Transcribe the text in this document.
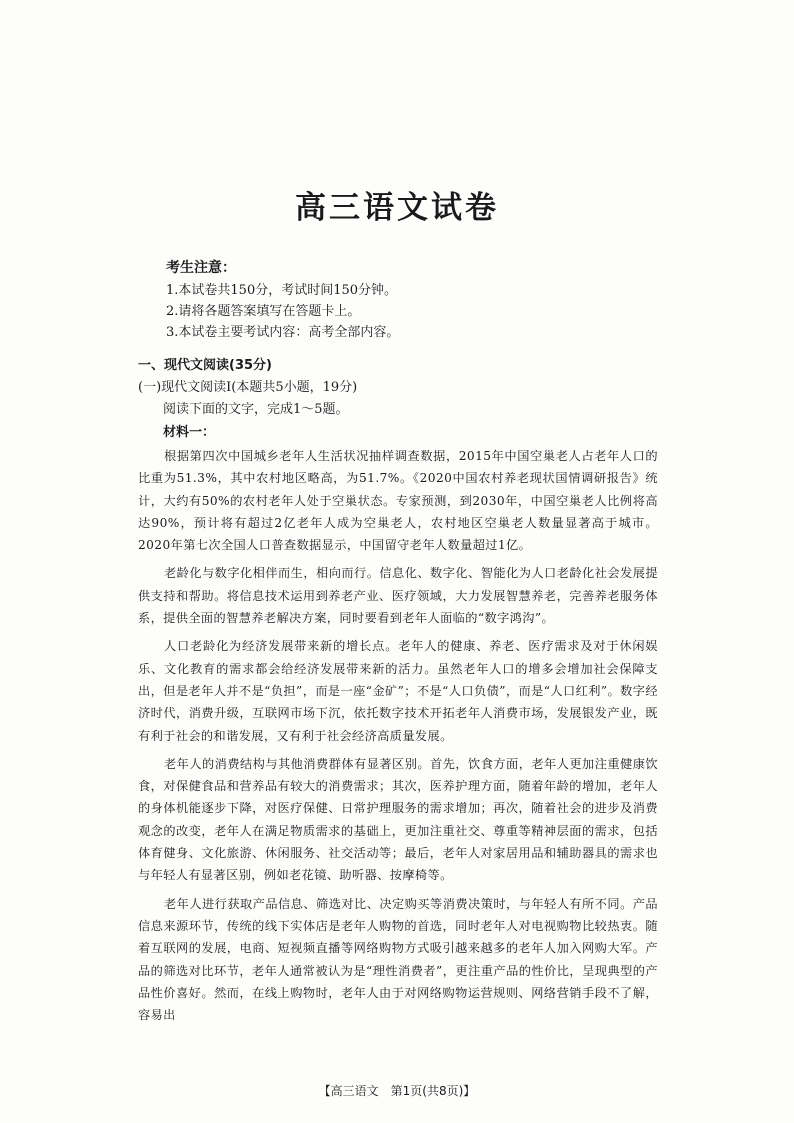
高三语文试卷
考生注意：
1.本试卷共150分，考试时间150分钟。
2.请将各题答案填写在答题卡上。
3.本试卷主要考试内容：高考全部内容。
一、现代文阅读(35分)
(一)现代文阅读Ⅰ(本题共5小题，19分)
阅读下面的文字，完成1～5题。
材料一：

根据第四次中国城乡老年人生活状况抽样调查数据，2015年中国空巢老人占老年人口的比重为51.3%，其中农村地区略高，为51.7%。《2020中国农村养老现状国情调研报告》统计，大约有50%的农村老年人处于空巢状态。专家预测，到2030年，中国空巢老人比例将高达90%，预计将有超过2亿老年人成为空巢老人，农村地区空巢老人数量显著高于城市。2020年第七次全国人口普查数据显示，中国留守老年人数量超过1亿。

老龄化与数字化相伴而生，相向而行。信息化、数字化、智能化为人口老龄化社会发展提供支持和帮助。将信息技术运用到养老产业、医疗领域，大力发展智慧养老，完善养老服务体系，提供全面的智慧养老解决方案，同时要看到老年人面临的“数字鸿沟”。

人口老龄化为经济发展带来新的增长点。老年人的健康、养老、医疗需求及对于休闲娱乐、文化教育的需求都会给经济发展带来新的活力。虽然老年人口的增多会增加社会保障支出，但是老年人并不是“负担”，而是一座“金矿”；不是“人口负债”，而是“人口红利”。数字经济时代，消费升级，互联网市场下沉，依托数字技术开拓老年人消费市场，发展银发产业，既有利于社会的和谐发展，又有利于社会经济高质量发展。

老年人的消费结构与其他消费群体有显著区别。首先，饮食方面，老年人更加注重健康饮食，对保健食品和营养品有较大的消费需求；其次，医养护理方面，随着年龄的增加，老年人的身体机能逐步下降，对医疗保健、日常护理服务的需求增加；再次，随着社会的进步及消费观念的改变，老年人在满足物质需求的基础上，更加注重社交、尊重等精神层面的需求，包括体育健身、文化旅游、休闲服务、社交活动等；最后，老年人对家居用品和辅助器具的需求也与年轻人有显著区别，例如老花镜、助听器、按摩椅等。

老年人进行获取产品信息、筛选对比、决定购买等消费决策时，与年轻人有所不同。产品信息来源环节，传统的线下实体店是老年人购物的首选，同时老年人对电视购物比较热衷。随着互联网的发展，电商、短视频直播等网络购物方式吸引越来越多的老年人加入网购大军。产品的筛选对比环节，老年人通常被认为是“理性消费者”，更注重产品的性价比，呈现典型的产品性价喜好。然而，在线上购物时，老年人由于对网络购物运营规则、网络营销手段不了解，容易出

【高三语文　第1页(共8页)】
